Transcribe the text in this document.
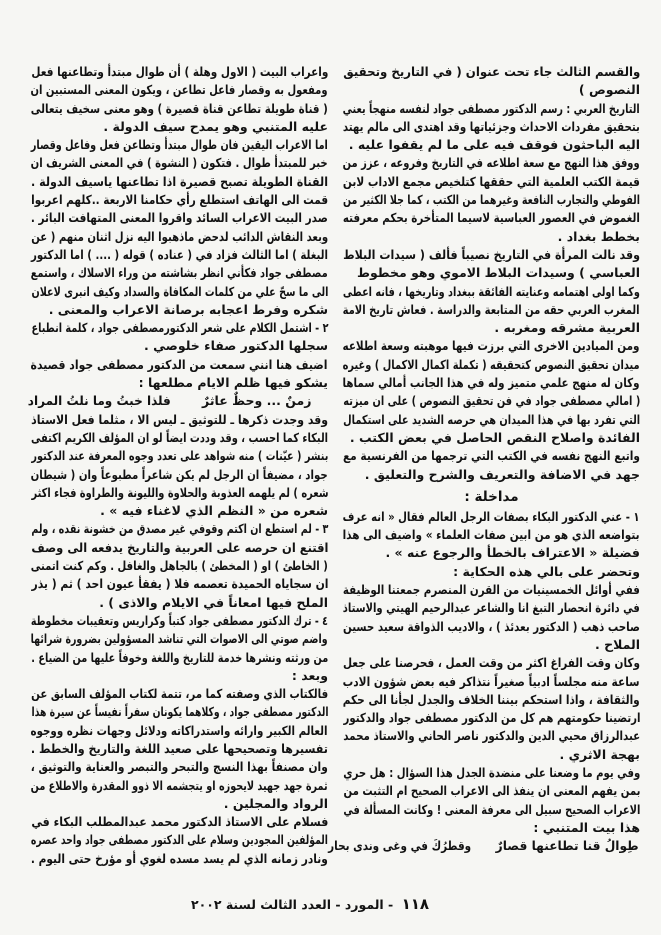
والقسم الثالث جاء تحت عنوان ( في التاريخ وتحقيق
النصوص )
التاريخ العربي : رسم الدكتور مصطفى جواد لنفسه منهجاً يعني
بتحقيق مفردات الاحداث وجزئياتها وقد اهتدى الى مالم يهتد
اليه الباحثون فوقف فيه على ما لم يقفوا عليه .
ووفق هذا النهج مع سعة اطلاعه في التاريخ وفروعه ، عزز من
قيمة الكتب العلمية التي حققها كتلخيص مجمع الاداب لابن
الفوطي والتجارب النافعة وغيرهما من الكتب ، كما جلا الكثير من
الغموض في العصور العباسية لاسيما المتأخرة بحكم معرفته
بخطط بغداد .
وقد نالت المرأة في التاريخ نصيباً فألف ( سيدات البلاط
العباسي ) وسيدات البلاط الاموي وهو مخطوط
وكما اولى اهتمامه وعنايته الفائقة ببغداد وتاريخها ، فانه اعطى
المغرب العربي حقه من المتابعة والدراسة . فعاش تاريخ الامة
العربية مشرقه ومغربه .
ومن الميادين الاخرى التي برزت فيها موهبته وسعة اطلاعه
ميدان تحقيق النصوص كتحقيقه ( تكملة اكمال الاكمال ) وغيره
وكان له منهج علمي متميز وله في هذا الجانب أمالي سماها
( امالي مصطفى جواد في فن تحقيق النصوص ) على ان ميزته
التي تفرد بها في هذا الميدان هي حرصه الشديد على استكمال
الفائدة واصلاح النقص الحاصل في بعض الكتب .
واتبع النهج نفسه في الكتب التي ترجمها من الفرنسية مع
جهد في الاضافة والتعريف والشرح والتعليق .
مداخلة :
١ - عني الدكتور البكاء بصفات الرجل العالم فقال « انه عرف
بتواضعه الذي هو من ابين صفات العلماء » واضيف الى هذا
فضيلة « الاعتراف بالخطأ والرجوع عنه » .
وتحضر على بالي هذه الحكاية :
ففي أوائل الخمسينيات من القرن المنصرم جمعتنا الوظيفة
في دائرة انحصار التبغ انا والشاعر عبدالرحيم الهيتي والاستاذ
صاحب ذهب ( الدكتور بعدئذ ) ، والاديب الذواقة سعيد حسين
الملاح .
وكان وقت الفراغ اكثر من وقت العمل ، فحرصنا على جعل
ساعة منه مجلساً ادبياً صغيراً نتذاكر فيه بعض شؤون الادب
والثقافة ، واذا استحكم بيننا الخلاف والجدل لجأنا الى حكم
ارتضينا حكومتهم هم كل من الدكتور مصطفى جواد والدكتور
عبدالرزاق محيي الدين والدكتور ناصر الحاني والاستاذ محمد
بهجة الاثري .
وفي يوم ما وضعنا على منضدة الجدل هذا السؤال : هل حري
بمن يفهم المعنى ان ينفذ الى الاعراب الصحيح ام التثبت من
الاعراب الصحيح سبيل الى معرفة المعنى ! وكانت المسألة في
هذا بيت المتنبي :
طِوالُ قنا تطاعنها قصارٌ
وقطرُكَ في وغى وندى بحار
واعراب البيت ( الاول وهلة ) أن طوال مبتدأ وتطاعنها فعل
ومفعول به وقصار فاعل تطاعن ، ويكون المعنى المستبين ان
( قناة طويلة تطاعن قناة قصيرة ) وهو معنى سخيف يتعالى
عليه المتنبي وهو يمدح سيف الدولة .
اما الاعراب اليقين فان طوال مبتدأ وتطاعن فعل وفاعل وقصار
خبر للمبتدأ طوال . فتكون ( النشوة ) في المعنى الشريف ان
القناة الطويلة تصبح قصيرة اذا تطاعنها ياسيف الدولة .
قمت الى الهاتف استطلع رأي حكامنا الاربعة ..كلهم اعربوا
صدر البيت الاعراب السائد واقروا المعنى المتهافت البائر .
وبعد النقاش الدائب لدحض ماذهبوا اليه نزل اثنان منهم ( عن
البغلة ) اما الثالث فزاد في ( عناده ) قوله ( .... ) اما الدكتور
مصطفى جواد فكأني انظر بشاشته من وراء الاسلاك ، واستمع
الى ما سحّ علي من كلمات المكافاة والسداد وكيف انبرى لاعلان
شكره وفرط اعجابه برصانة الاعراب والمعنى .
٢ - اشتمل الكلام على شعر الدكتورمصطفى جواد ، كلمة انطباع
سجلها الدكتور صفاء خلوصي .
اضيف هنا انني سمعت من الدكتور مصطفى جواد قصيدة
يشكو فيها ظلم الايام مطلعها :
زمنٌ ... وحظٌ عاثرٌ
فلذا خبتُ وما نلتُ المراد
وقد وجدت ذكرها ـ للتوثيق ـ ليس الا ، مثلما فعل الاستاذ
البكاء كما احسب ، وقد وددت ايضاً لو ان المؤلف الكريم اكتفى
بنشر ( عيّنات ) منه شواهد على تعدد وجوه المعرفة عند الدكتور
جواد ، مضيفاً ان الرجل لم يكن شاعراً مطبوعاً وان ( شيطان
شعره ) لم يلهمه العذوبة والحلاوة والليونة والطراوة فجاء اكثر
شعره من « النظم الذي لاغناء فيه » .
٣ - لم استطع ان اكتم وقوفي غير مصدق من خشونة نقده ، ولم
اقتنع ان حرصه على العربية والتاريخ يدفعه الى وصف
( الخاطئ ) او ( المخطئ ) بالجاهل والغافل . وكم كنت اتمنى
ان سجاياه الحميدة تعصمه فلا ( يفقأ عيون احد ) ثم ( يذر
الملح فيها امعاناً في الايلام والاذى ) .
٤ - ترك الدكتور مصطفى جواد كتباً وكراريس وتعقيبات مخطوطة
واضم صوتي الى الاصوات التي تناشد المسؤولين بضرورة شرائها
من ورثته ونشرها خدمة للتاريخ واللغة وخوفاً عليها من الضياع .
وبعد :
فالكتاب الذي وصفته كما مر، تتمة لكتاب المؤلف السابق عن
الدكتور مصطفى جواد ، وكلاهما يكونان سفراً نفيساً عن سيرة هذا
العالم الكبير وارائه واستدراكاته ودلائل وجهات نظره ووجوه
تفسيرها وتصحيحها على صعيد اللغة والتاريخ والخطط .
وان مصنفاً بهذا النسج والتبحر والتبصر والعناية والتوثيق ،
ثمرة جهد جهيد لايحوزه او يتجشمه الا ذوو المقدرة والاطلاع من
الرواد والمجلين .
فسلام على الاستاذ الدكتور محمد عبدالمطلب البكاء في
المؤلفين المجودين وسلام على الدكتور مصطفى جواد واحد عصره
ونادر زمانه الذي لم يسد مسده لغوي أو مؤرخ حتى اليوم .
١١٨ - المورد - العدد الثالث لسنة ٢٠٠٢
